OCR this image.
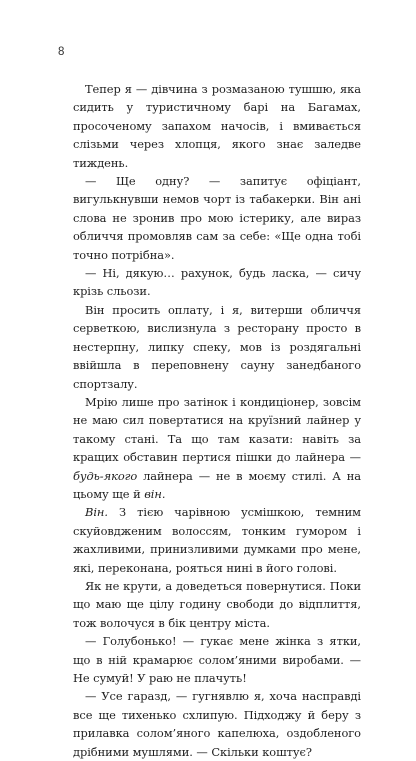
8

Тепер я — дівчина з розмазаною тушшю, яка сидить у туристичному барі на Багамах, просоченому запахом начосів, і вмивається слізьми через хлопця, якого знає заледве тиждень.

— Ще одну? — запитує офіціант, вигулькнувши немов чорт із табакерки. Він ані слова не зронив про мою істерику, але вираз обличчя промовляв сам за себе: «Ще одна тобі точно потрібна».

— Ні, дякую… рахунок, будь ласка, — сичу крізь сльози.

Він просить оплату, і я, витерши обличчя серветкою, вислизнула з ресторану просто в нестерпну, липку спеку, мов із роздягальні ввійшла в переповнену сауну занедбаного спортзалу.

Мрію лише про затінок і кондиціонер, зовсім не маю сил повертатися на круїзний лайнер у такому стані. Та що там казати: навіть за кращих обставин пертися пішки до лайнера — будь-якого лайнера — не в моєму стилі. А на цьому ще й він.

Він. З тією чарівною усмішкою, темним скуйовдженим волоссям, тонким гумором і жахливими, принизливими думками про мене, які, переконана, рояться нині в його голові.

Як не крути, а доведеться повернутися. Поки що маю ще цілу годину свободи до відплиття, тож волочуся в бік центру міста.

— Голубонько! — гукає мене жінка з ятки, що в ній крамарює солом’яними виробами. — Не сумуй! У раю не плачуть!

— Усе гаразд, — гугнявлю я, хоча насправді все ще тихенько схлипую. Підходжу й беру з прилавка солом’яного капелюха, оздобленого дрібними мушлями. — Скільки коштує?
